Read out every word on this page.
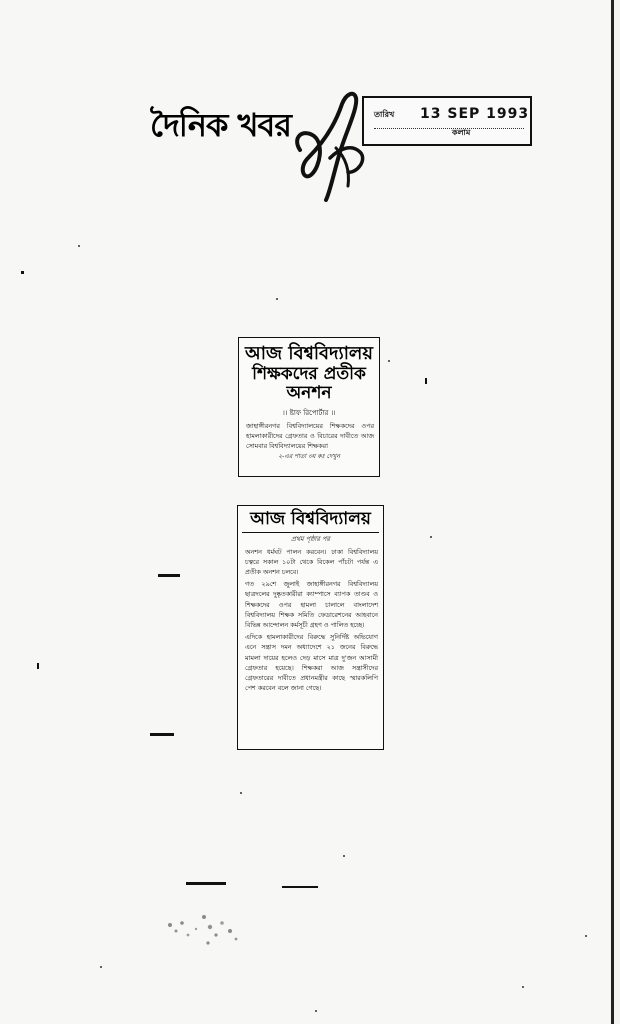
দৈনিক খবর	তারিখ 13 SEP 1993
কলাম
আজ বিশ্ববিদ্যালয়
শিক্ষকদের প্রতীক
অনশন
।। ষ্টাফ রিপোর্টার ।।
জাহাঙ্গীরনগর বিশ্ববিদ্যালয়ের শিক্ষকদের ওপর হামলাকারীদের গ্রেফতার ও বিচারের দাবীতে আজ সোমবার বিশ্ববিদ্যালয়ের শিক্ষকরা
২-এর পাতা ৩য় কঃ দেখুন
আজ বিশ্ববিদ্যালয়
প্রথম পৃষ্ঠার পর
অনশন ধর্মঘট পালন করবেন। ঢাকা বিশ্ববিদ্যালয় চত্বরে সকাল ১০টা থেকে বিকেল পাঁচটা পর্যন্ত এ প্রতীক অনশন চলবে।
গত ২৯শে জুলাই জাহাঙ্গীরনগর বিশ্ববিদ্যালয় ছাত্রদলের দুষ্কৃতকারীরা ক্যাম্পাসে ব্যাপক তাণ্ডব ও শিক্ষকদের ওপর হামলা চালালে বাংলাদেশ বিশ্ববিদ্যালয় শিক্ষক সমিতি ফেডারেশনের আহবানে বিভিন্ন আন্দোলন কর্মসূচী গ্রহণ ও পালিত হচ্ছে।
এদিকে হামলাকারীদের বিরুদ্ধে সুনির্দিষ্ট অভিযোগ এনে সন্ত্রাস দমন অধ্যাদেশে ২১ জনের বিরুদ্ধে মামলা দায়ের হলেও দেড় মাসে মাত্র দু'জন আসামী গ্রেফতার হয়েছে। শিক্ষকরা আজ সন্ত্রাসীদের গ্রেফতারের দাবীতে প্রধানমন্ত্রীর কাছে স্মারকলিপি পেশ করবেন বলে জানা গেছে।
